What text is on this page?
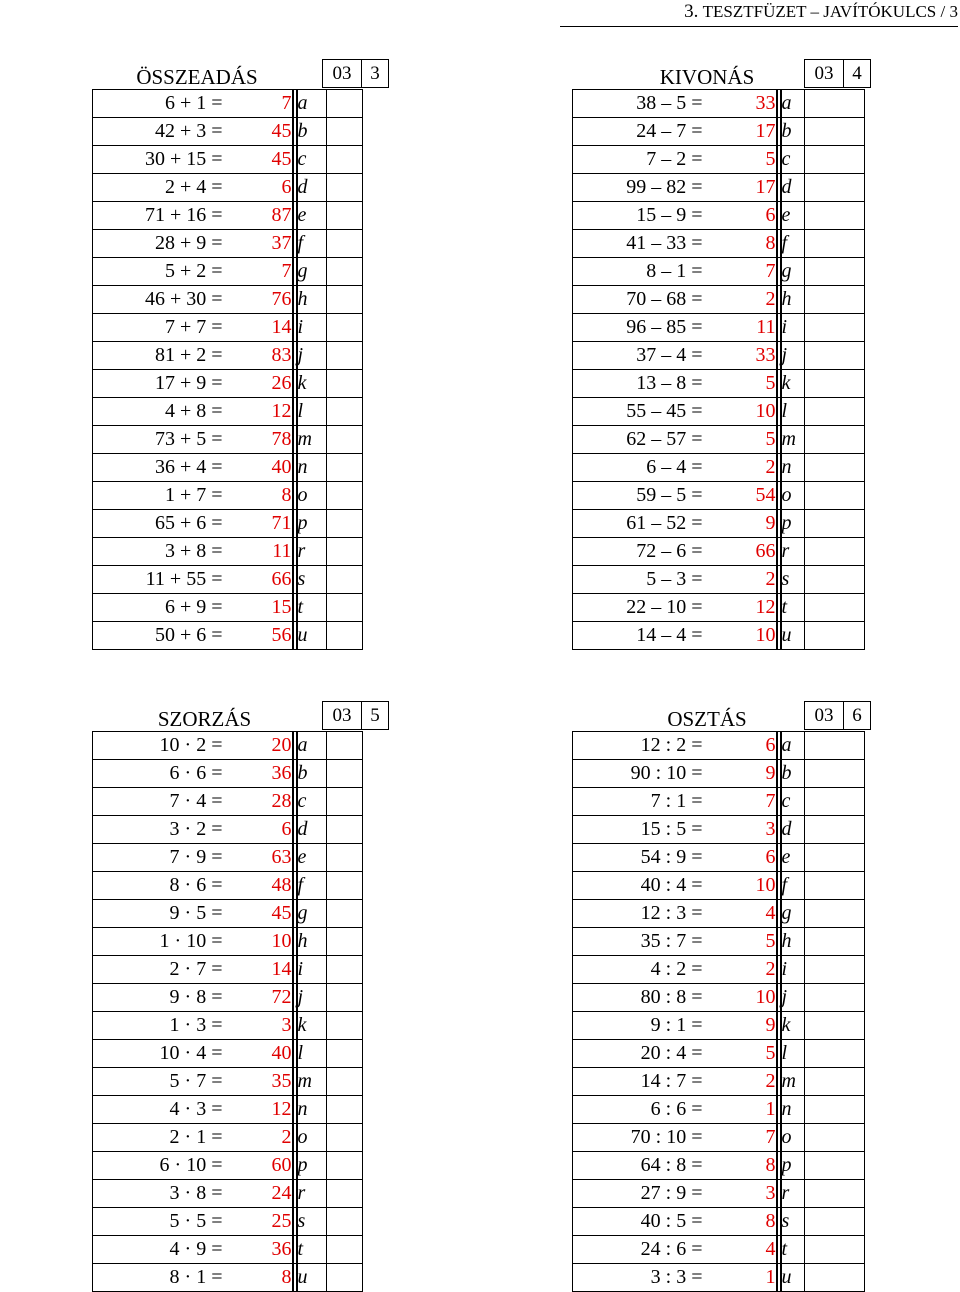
3. TESZTFÜZET – JAVÍTÓKULCS / 3
ÖSSZEADÁS	03 3
6 + 1 =	7		a	
42 + 3 =	45		b	
30 + 15 =	45		c	
2 + 4 =	6		d	
71 + 16 =	87		e	
28 + 9 =	37		f	
5 + 2 =	7		g	
46 + 30 =	76		h	
7 + 7 =	14		i	
81 + 2 =	83		j	
17 + 9 =	26		k	
4 + 8 =	12		l	
73 + 5 =	78		m	
36 + 4 =	40		n	
1 + 7 =	8		o	
65 + 6 =	71		p	
3 + 8 =	11		r	
11 + 55 =	66		s	
6 + 9 =	15		t	
50 + 6 =	56		u	
KIVONÁS	03 4
38 – 5 =	33		a	
24 – 7 =	17		b	
7 – 2 =	5		c	
99 – 82 =	17		d	
15 – 9 =	6		e	
41 – 33 =	8		f	
8 – 1 =	7		g	
70 – 68 =	2		h	
96 – 85 =	11		i	
37 – 4 =	33		j	
13 – 8 =	5		k	
55 – 45 =	10		l	
62 – 57 =	5		m	
6 – 4 =	2		n	
59 – 5 =	54		o	
61 – 52 =	9		p	
72 – 6 =	66		r	
5 – 3 =	2		s	
22 – 10 =	12		t	
14 – 4 =	10		u	
SZORZÁS	03 5
10 · 2 =	20		a	
6 · 6 =	36		b	
7 · 4 =	28		c	
3 · 2 =	6		d	
7 · 9 =	63		e	
8 · 6 =	48		f	
9 · 5 =	45		g	
1 · 10 =	10		h	
2 · 7 =	14		i	
9 · 8 =	72		j	
1 · 3 =	3		k	
10 · 4 =	40		l	
5 · 7 =	35		m	
4 · 3 =	12		n	
2 · 1 =	2		o	
6 · 10 =	60		p	
3 · 8 =	24		r	
5 · 5 =	25		s	
4 · 9 =	36		t	
8 · 1 =	8		u	
OSZTÁS	03 6
12 : 2 =	6		a	
90 : 10 =	9		b	
7 : 1 =	7		c	
15 : 5 =	3		d	
54 : 9 =	6		e	
40 : 4 =	10		f	
12 : 3 =	4		g	
35 : 7 =	5		h	
4 : 2 =	2		i	
80 : 8 =	10		j	
9 : 1 =	9		k	
20 : 4 =	5		l	
14 : 7 =	2		m	
6 : 6 =	1		n	
70 : 10 =	7		o	
64 : 8 =	8		p	
27 : 9 =	3		r	
40 : 5 =	8		s	
24 : 6 =	4		t	
3 : 3 =	1		u	
